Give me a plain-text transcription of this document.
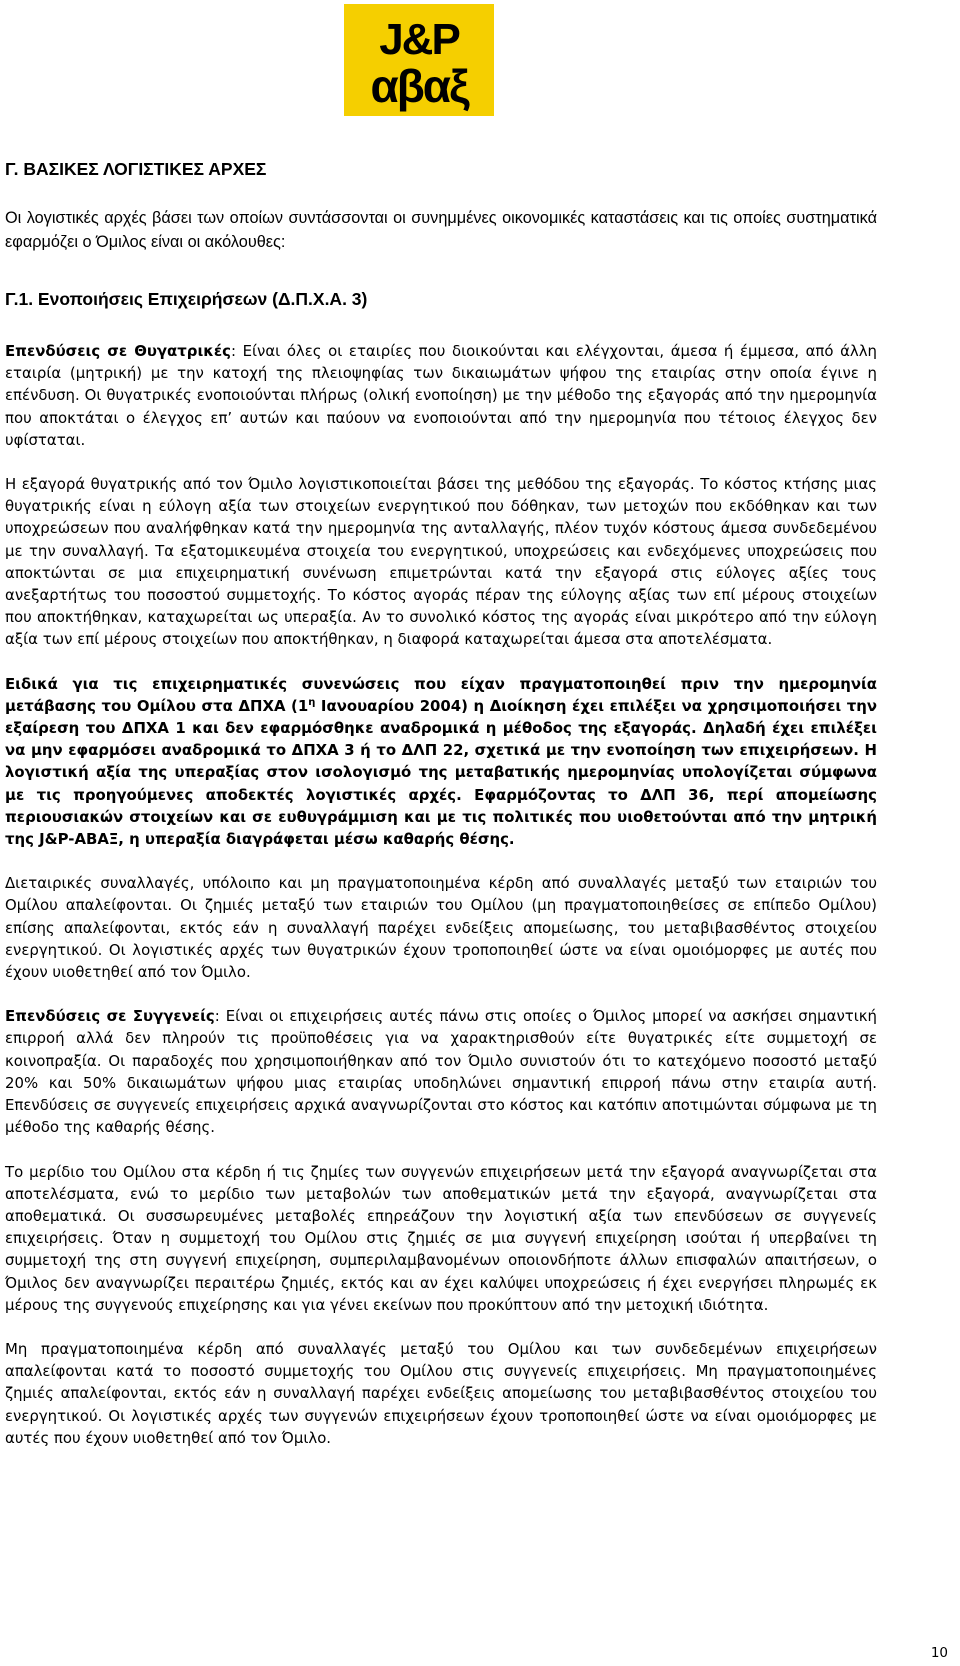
J&P
αβαξ
Γ. ΒΑΣΙΚΕΣ ΛΟΓΙΣΤΙΚΕΣ ΑΡΧΕΣ

Οι λογιστικές αρχές βάσει των οποίων συντάσσονται οι συνημμένες οικονομικές καταστάσεις και τις οποίες συστηματικά εφαρμόζει ο Όμιλος είναι οι ακόλουθες:

Γ.1. Ενοποιήσεις Επιχειρήσεων (Δ.Π.Χ.Α. 3)

Επενδύσεις σε Θυγατρικές: Είναι όλες οι εταιρίες που διοικούνται και ελέγχονται, άμεσα ή έμμεσα, από άλλη εταιρία (μητρική) με την κατοχή της πλειοψηφίας των δικαιωμάτων ψήφου της εταιρίας στην οποία έγινε η επένδυση. Οι θυγατρικές ενοποιούνται πλήρως (ολική ενοποίηση) με την μέθοδο της εξαγοράς από την ημερομηνία που αποκτάται ο έλεγχος επ’ αυτών και παύουν να ενοποιούνται από την ημερομηνία που τέτοιος έλεγχος δεν υφίσταται.

Η εξαγορά θυγατρικής από τον Όμιλο λογιστικοποιείται βάσει της μεθόδου της εξαγοράς. Το κόστος κτήσης μιας θυγατρικής είναι η εύλογη αξία των στοιχείων ενεργητικού που δόθηκαν, των μετοχών που εκδόθηκαν και των υποχρεώσεων που αναλήφθηκαν κατά την ημερομηνία της ανταλλαγής, πλέον τυχόν κόστους άμεσα συνδεδεμένου με την συναλλαγή. Τα εξατομικευμένα στοιχεία του ενεργητικού, υποχρεώσεις και ενδεχόμενες υποχρεώσεις που αποκτώνται σε μια επιχειρηματική συνένωση επιμετρώνται κατά την εξαγορά στις εύλογες αξίες τους ανεξαρτήτως του ποσοστού συμμετοχής. Το κόστος αγοράς πέραν της εύλογης αξίας των επί μέρους στοιχείων που αποκτήθηκαν, καταχωρείται ως υπεραξία. Αν το συνολικό κόστος της αγοράς είναι μικρότερο από την εύλογη αξία των επί μέρους στοιχείων που αποκτήθηκαν, η διαφορά καταχωρείται άμεσα στα αποτελέσματα.

Ειδικά για τις επιχειρηματικές συνενώσεις που είχαν πραγματοποιηθεί πριν την ημερομηνία μετάβασης του Ομίλου στα ΔΠΧΑ ($1^\eta$ Ιανουαρίου 2004) η Διοίκηση έχει επιλέξει να χρησιμοποιήσει την εξαίρεση του ΔΠΧΑ 1 και δεν εφαρμόσθηκε αναδρομικά η μέθοδος της εξαγοράς. Δηλαδή έχει επιλέξει να μην εφαρμόσει αναδρομικά το ΔΠΧΑ 3 ή το ΔΛΠ 22, σχετικά με την ενοποίηση των επιχειρήσεων. Η λογιστική αξία της υπεραξίας στον ισολογισμό της μεταβατικής ημερομηνίας υπολογίζεται σύμφωνα με τις προηγούμενες αποδεκτές λογιστικές αρχές. Εφαρμόζοντας το ΔΛΠ 36, περί απομείωσης περιουσιακών στοιχείων και σε ευθυγράμμιση και με τις πολιτικές που υιοθετούνται από την μητρική της J&P-ΑΒΑΞ, η υπεραξία διαγράφεται μέσω καθαρής θέσης.

Διεταιρικές συναλλαγές, υπόλοιπο και μη πραγματοποιημένα κέρδη από συναλλαγές μεταξύ των εταιριών του Ομίλου απαλείφονται. Οι ζημιές μεταξύ των εταιριών του Ομίλου (μη πραγματοποιηθείσες σε επίπεδο Ομίλου) επίσης απαλείφονται, εκτός εάν η συναλλαγή παρέχει ενδείξεις απομείωσης, του μεταβιβασθέντος στοιχείου ενεργητικού. Οι λογιστικές αρχές των θυγατρικών έχουν τροποποιηθεί ώστε να είναι ομοιόμορφες με αυτές που έχουν υιοθετηθεί από τον Όμιλο.

Επενδύσεις σε Συγγενείς: Είναι οι επιχειρήσεις αυτές πάνω στις οποίες ο Όμιλος μπορεί να ασκήσει σημαντική επιρροή αλλά δεν πληρούν τις προϋποθέσεις για να χαρακτηρισθούν είτε θυγατρικές είτε συμμετοχή σε κοινοπραξία. Οι παραδοχές που χρησιμοποιήθηκαν από τον Όμιλο συνιστούν ότι το κατεχόμενο ποσοστό μεταξύ 20% και 50% δικαιωμάτων ψήφου μιας εταιρίας υποδηλώνει σημαντική επιρροή πάνω στην εταιρία αυτή. Επενδύσεις σε συγγενείς επιχειρήσεις αρχικά αναγνωρίζονται στο κόστος και κατόπιν αποτιμώνται σύμφωνα με τη μέθοδο της καθαρής θέσης.

Το μερίδιο του Ομίλου στα κέρδη ή τις ζημίες των συγγενών επιχειρήσεων μετά την εξαγορά αναγνωρίζεται στα αποτελέσματα, ενώ το μερίδιο των μεταβολών των αποθεματικών μετά την εξαγορά, αναγνωρίζεται στα αποθεματικά. Οι συσσωρευμένες μεταβολές επηρεάζουν την λογιστική αξία των επενδύσεων σε συγγενείς επιχειρήσεις. Όταν η συμμετοχή του Ομίλου στις ζημιές σε μια συγγενή επιχείρηση ισούται ή υπερβαίνει τη συμμετοχή της στη συγγενή επιχείρηση, συμπεριλαμβανομένων οποιονδήποτε άλλων επισφαλών απαιτήσεων, ο Όμιλος δεν αναγνωρίζει περαιτέρω ζημιές, εκτός και αν έχει καλύψει υποχρεώσεις ή έχει ενεργήσει πληρωμές εκ μέρους της συγγενούς επιχείρησης και για γένει εκείνων που προκύπτουν από την μετοχική ιδιότητα.

Μη πραγματοποιημένα κέρδη από συναλλαγές μεταξύ του Ομίλου και των συνδεδεμένων επιχειρήσεων απαλείφονται κατά το ποσοστό συμμετοχής του Ομίλου στις συγγενείς επιχειρήσεις. Μη πραγματοποιημένες ζημιές απαλείφονται, εκτός εάν η συναλλαγή παρέχει ενδείξεις απομείωσης του μεταβιβασθέντος στοιχείου του ενεργητικού. Οι λογιστικές αρχές των συγγενών επιχειρήσεων έχουν τροποποιηθεί ώστε να είναι ομοιόμορφες με αυτές που έχουν υιοθετηθεί από τον Όμιλο.

10
